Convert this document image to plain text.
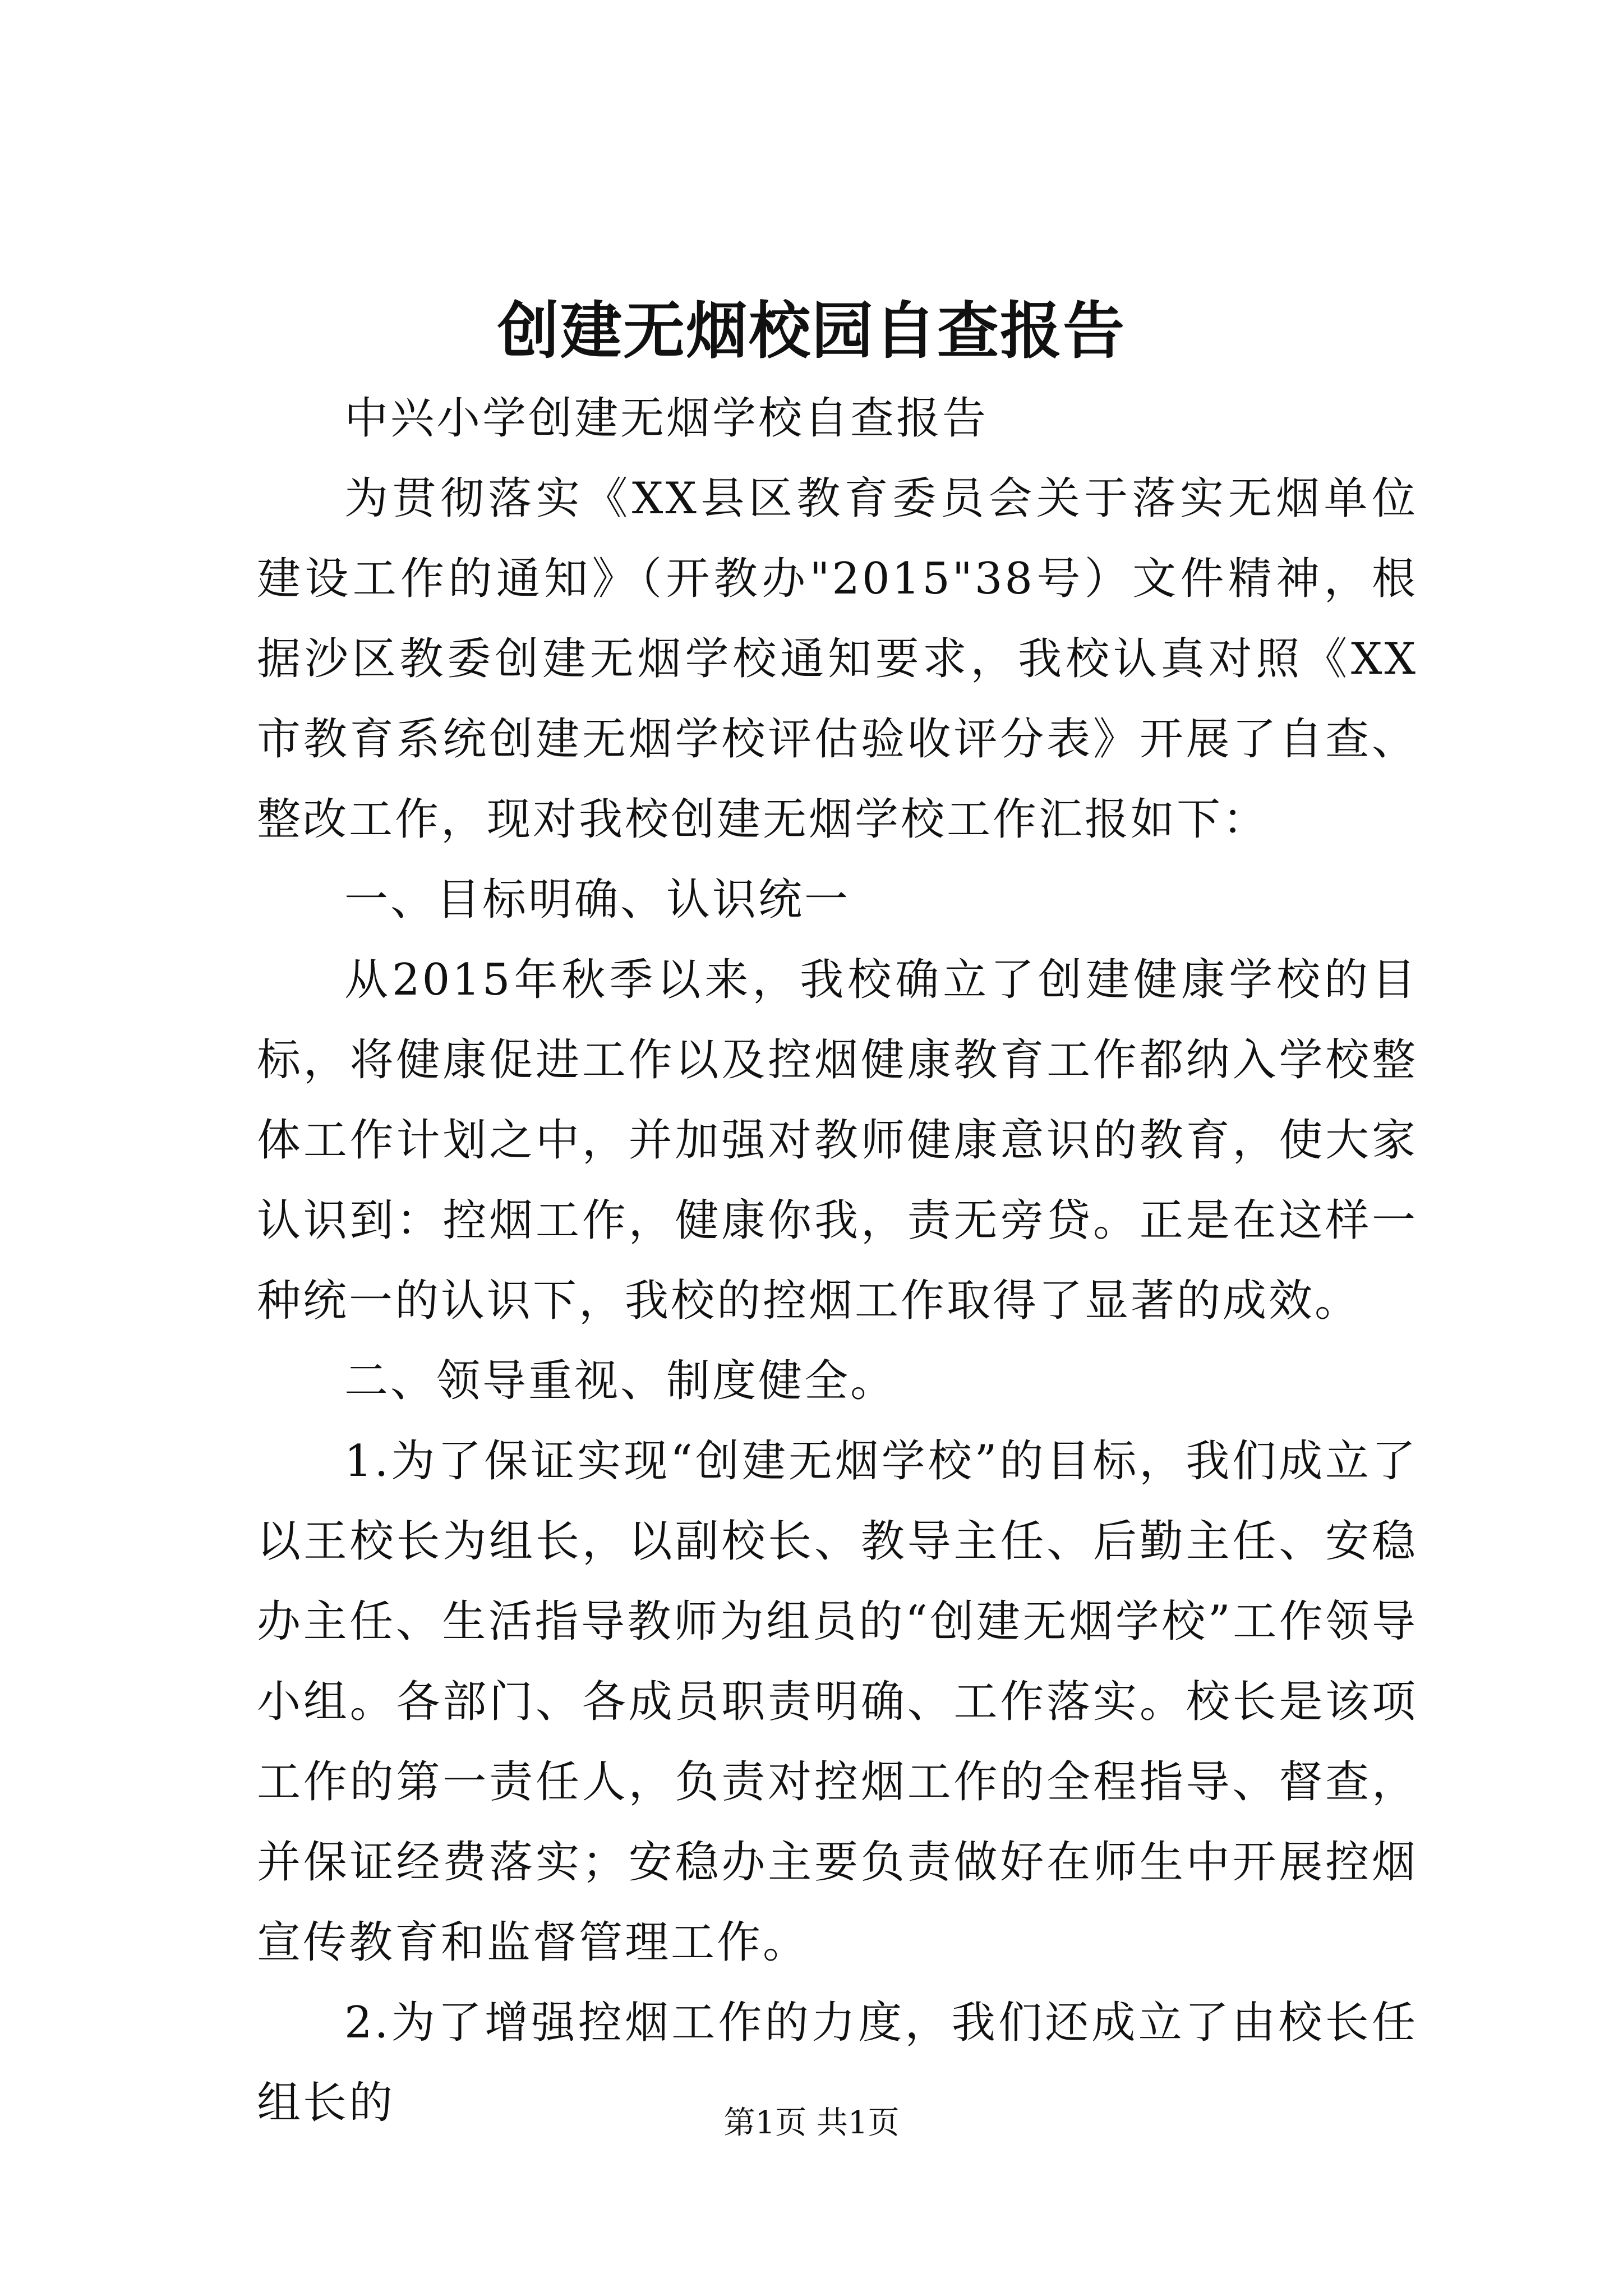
创建无烟校园自查报告

中兴小学创建无烟学校自查报告

为贯彻落实《XX县区教育委员会关于落实无烟单位建设工作的通知》（开教办"2015"38号）文件精神，根据沙区教委创建无烟学校通知要求，我校认真对照《XX市教育系统创建无烟学校评估验收评分表》开展了自查、整改工作，现对我校创建无烟学校工作汇报如下：

一、目标明确、认识统一

从2015年秋季以来，我校确立了创建健康学校的目标，将健康促进工作以及控烟健康教育工作都纳入学校整体工作计划之中，并加强对教师健康意识的教育，使大家认识到：控烟工作，健康你我，责无旁贷。正是在这样一种统一的认识下，我校的控烟工作取得了显著的成效。

二、领导重视、制度健全。

1.为了保证实现“创建无烟学校”的目标，我们成立了以王校长为组长，以副校长、教导主任、后勤主任、安稳办主任、生活指导教师为组员的“创建无烟学校”工作领导小组。各部门、各成员职责明确、工作落实。校长是该项工作的第一责任人，负责对控烟工作的全程指导、督查，并保证经费落实；安稳办主要负责做好在师生中开展控烟宣传教育和监督管理工作。

2.为了增强控烟工作的力度，我们还成立了由校长任组长的	第1页 共1页
